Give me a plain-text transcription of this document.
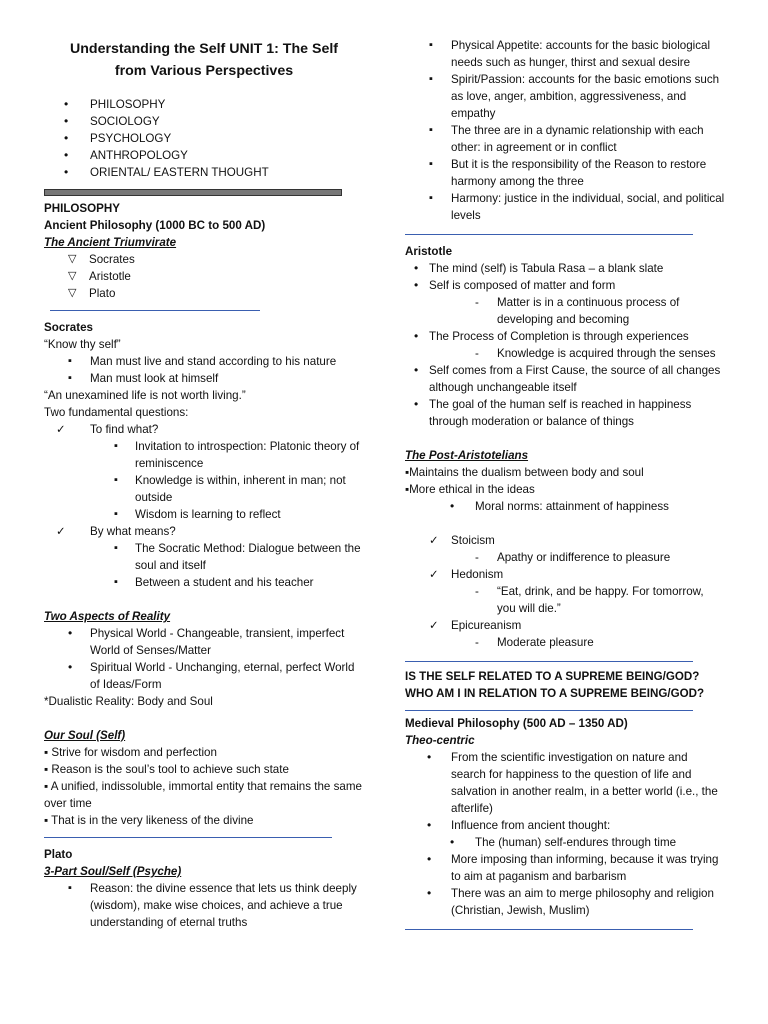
Understanding the Self UNIT 1: The Self
from Various Perspectives
• PHILOSOPHY
• SOCIOLOGY
• PSYCHOLOGY
• ANTHROPOLOGY
• ORIENTAL/ EASTERN THOUGHT
PHILOSOPHY
Ancient Philosophy (1000 BC to 500 AD)
The Ancient Triumvirate
▽ Socrates
▽ Aristotle
▽ Plato
Socrates
“Know thy self”
▪ Man must live and stand according to his nature
▪ Man must look at himself
“An unexamined life is not worth living.”
Two fundamental questions:
✓ To find what?
▪ Invitation to introspection: Platonic theory of reminiscence
▪ Knowledge is within, inherent in man; not outside
▪ Wisdom is learning to reflect
✓ By what means?
▪ The Socratic Method: Dialogue between the soul and itself
▪ Between a student and his teacher
Two Aspects of Reality
• Physical World - Changeable, transient, imperfect World of Senses/Matter
• Spiritual World - Unchanging, eternal, perfect World of Ideas/Form
*Dualistic Reality: Body and Soul
Our Soul (Self)
▪ Strive for wisdom and perfection
▪ Reason is the soul’s tool to achieve such state
▪ A unified, indissoluble, immortal entity that remains the same over time
▪ That is in the very likeness of the divine
Plato
3-Part Soul/Self (Psyche)
▪ Reason: the divine essence that lets us think deeply (wisdom), make wise choices, and achieve a true understanding of eternal truths
▪ Physical Appetite: accounts for the basic biological needs such as hunger, thirst and sexual desire
▪ Spirit/Passion: accounts for the basic emotions such as love, anger, ambition, aggressiveness, and empathy
▪ The three are in a dynamic relationship with each other: in agreement or in conflict
▪ But it is the responsibility of the Reason to restore harmony among the three
▪ Harmony: justice in the individual, social, and political levels
Aristotle
• The mind (self) is Tabula Rasa – a blank slate
• Self is composed of matter and form
- Matter is in a continuous process of developing and becoming
• The Process of Completion is through experiences
- Knowledge is acquired through the senses
• Self comes from a First Cause, the source of all changes although unchangeable itself
• The goal of the human self is reached in happiness through moderation or balance of things
The Post-Aristotelians
▪Maintains the dualism between body and soul
▪More ethical in the ideas
• Moral norms: attainment of happiness
✓ Stoicism
- Apathy or indifference to pleasure
✓ Hedonism
- “Eat, drink, and be happy. For tomorrow, you will die.”
✓ Epicureanism
- Moderate pleasure
IS THE SELF RELATED TO A SUPREME BEING/GOD?
WHO AM I IN RELATION TO A SUPREME BEING/GOD?
Medieval Philosophy (500 AD – 1350 AD)
Theo-centric
• From the scientific investigation on nature and search for happiness to the question of life and salvation in another realm, in a better world (i.e., the afterlife)
• Influence from ancient thought:
• The (human) self-endures through time
• More imposing than informing, because it was trying to aim at paganism and barbarism
• There was an aim to merge philosophy and religion (Christian, Jewish, Muslim)
